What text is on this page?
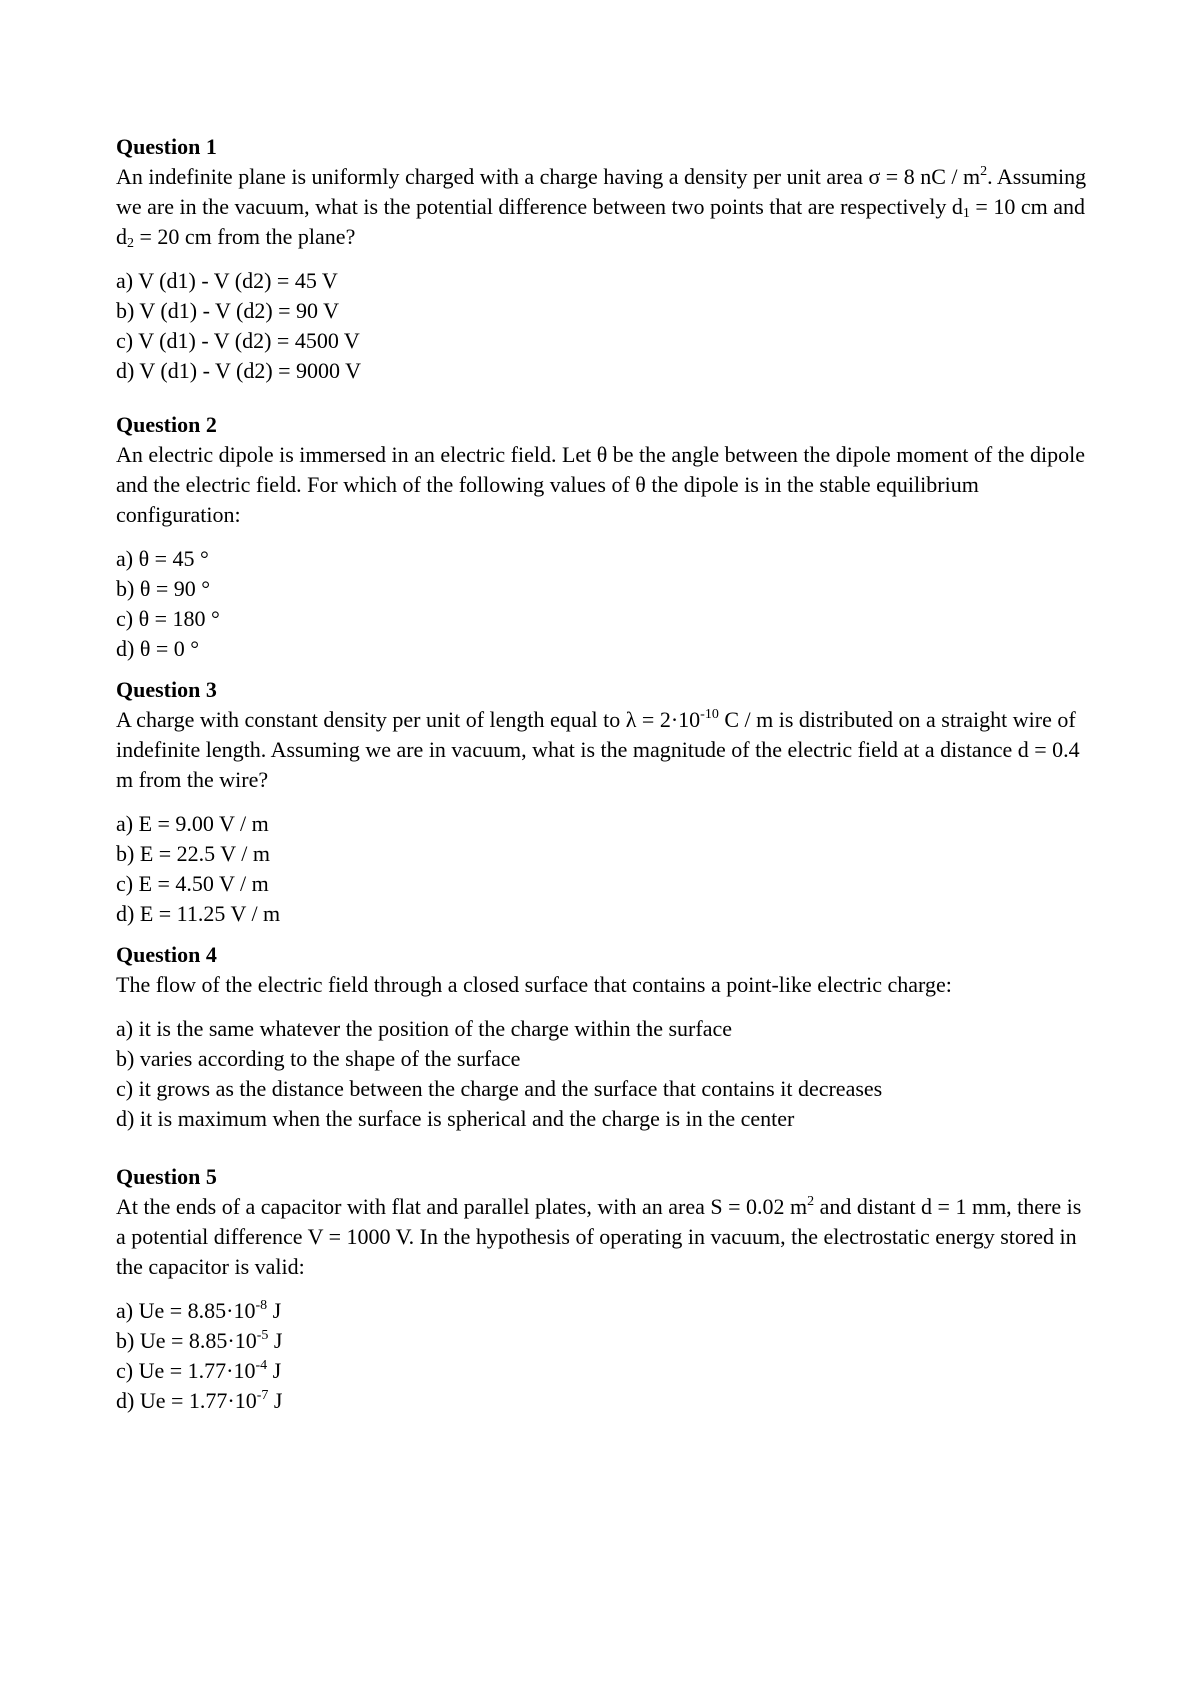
Question 1
An indefinite plane is uniformly charged with a charge having a density per unit area σ = 8 nC / $m^2$. Assuming we are in the vacuum, what is the potential difference between two points that are respectively $d_1 = 10$ cm and $d_2 = 20$ cm from the plane?
a) V (d1) - V (d2) = 45 V
b) V (d1) - V (d2) = 90 V
c) V (d1) - V (d2) = 4500 V
d) V (d1) - V (d2) = 9000 V
Question 2
An electric dipole is immersed in an electric field. Let θ be the angle between the dipole moment of the dipole and the electric field. For which of the following values of θ the dipole is in the stable equilibrium configuration:
a) θ = 45 °
b) θ = 90 °
c) θ = 180 °
d) θ = 0 °
Question 3
A charge with constant density per unit of length equal to $\lambda = 2\cdot 10^{-10}$ C / m is distributed on a straight wire of indefinite length. Assuming we are in vacuum, what is the magnitude of the electric field at a distance d = 0.4 m from the wire?
a) E = 9.00 V / m
b) E = 22.5 V / m
c) E = 4.50 V / m
d) E = 11.25 V / m
Question 4
The flow of the electric field through a closed surface that contains a point-like electric charge:
a) it is the same whatever the position of the charge within the surface
b) varies according to the shape of the surface
c) it grows as the distance between the charge and the surface that contains it decreases
d) it is maximum when the surface is spherical and the charge is in the center
Question 5
At the ends of a capacitor with flat and parallel plates, with an area S = 0.02 $m^2$ and distant d = 1 mm, there is a potential difference V = 1000 V. In the hypothesis of operating in vacuum, the electrostatic energy stored in the capacitor is valid:
a) $Ue = 8.85\cdot 10^{-8}$ J
b) $Ue = 8.85\cdot 10^{-5}$ J
c) $Ue = 1.77\cdot 10^{-4}$ J
d) $Ue = 1.77\cdot 10^{-7}$ J
